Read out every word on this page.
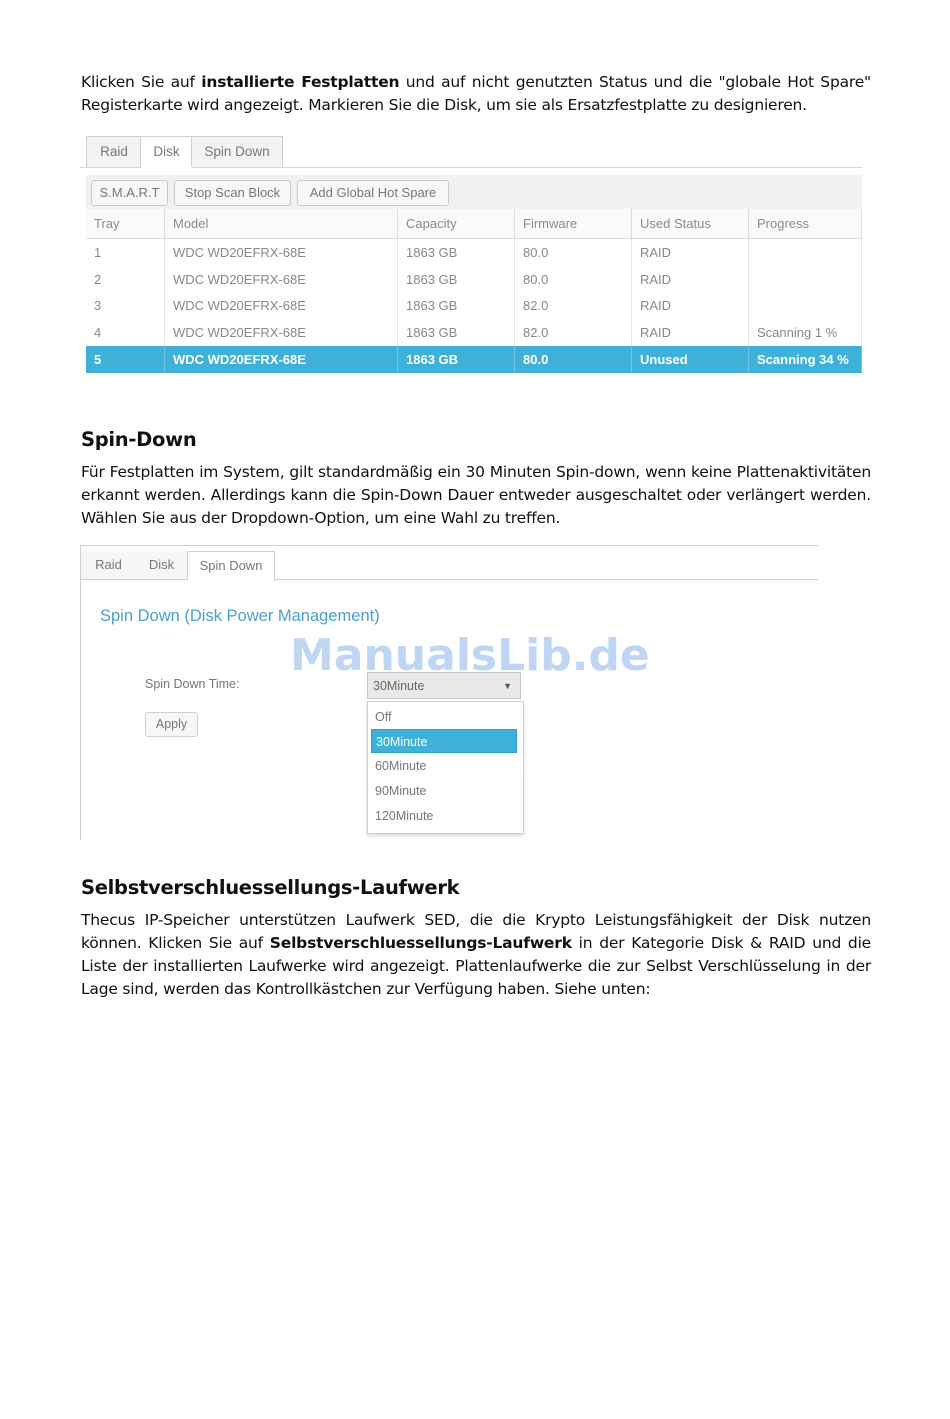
Klicken Sie auf installierte Festplatten und auf nicht genutzten Status und die "globale Hot Spare" Registerkarte wird angezeigt. Markieren Sie die Disk, um sie als Ersatzfestplatte zu designieren.
Raid	Disk	Spin Down
S.M.A.R.T	Stop Scan Block	Add Global Hot Spare
Tray	Model	Capacity	Firmware	Used Status	Progress
1	WDC WD20EFRX-68E	1863 GB	80.0	RAID	
2	WDC WD20EFRX-68E	1863 GB	80.0	RAID	
3	WDC WD20EFRX-68E	1863 GB	82.0	RAID	
4	WDC WD20EFRX-68E	1863 GB	82.0	RAID	Scanning 1 %
5	WDC WD20EFRX-68E	1863 GB	80.0	Unused	Scanning 34 %
Spin-Down
Für Festplatten im System, gilt standardmäßig ein 30 Minuten Spin-down, wenn keine Plattenaktivitäten erkannt werden. Allerdings kann die Spin-Down Dauer entweder ausgeschaltet oder verlängert werden. Wählen Sie aus der Dropdown-Option, um eine Wahl zu treffen.
Raid	Disk	Spin Down
Spin Down (Disk Power Management)
Spin Down Time:
Apply
30Minute	▼
Off
30Minute
60Minute
90Minute
120Minute
ManualsLib.de
Selbstverschluessellungs-Laufwerk
Thecus IP-Speicher unterstützen Laufwerk SED, die die Krypto Leistungsfähigkeit der Disk nutzen können. Klicken Sie auf Selbstverschluessellungs-Laufwerk in der Kategorie Disk & RAID und die Liste der installierten Laufwerke wird angezeigt. Plattenlaufwerke die zur Selbst Verschlüsselung in der Lage sind, werden das Kontrollkästchen zur Verfügung haben. Siehe unten:
